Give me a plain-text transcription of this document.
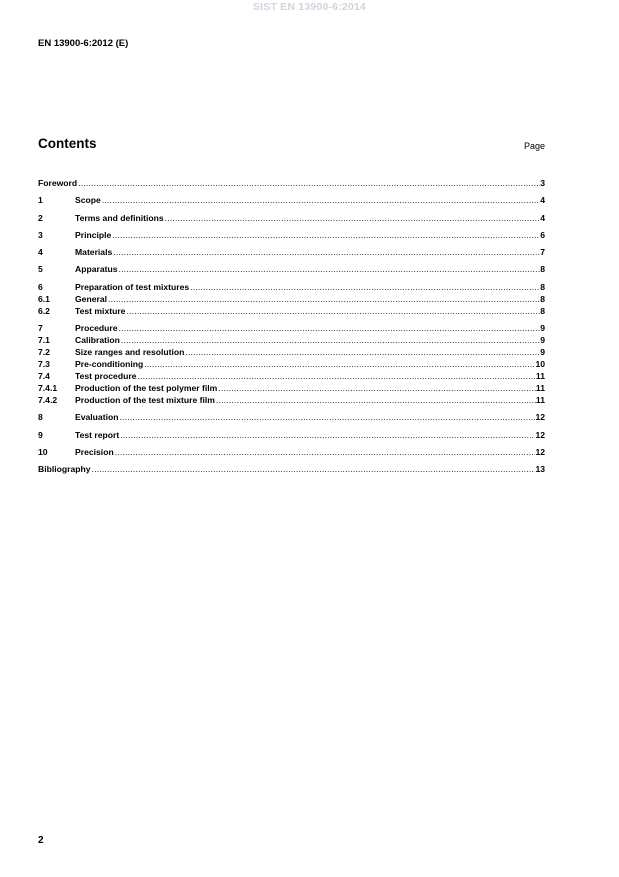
SIST EN 13900-6:2014
EN 13900-6:2012 (E)
Contents	Page
Foreword .....	3
1	Scope .....	4
2	Terms and definitions .....	4
3	Principle .....	6
4	Materials .....	7
5	Apparatus .....	8
6	Preparation of test mixtures .....	8
6.1	General .....	8
6.2	Test mixture .....	8
7	Procedure .....	9
7.1	Calibration .....	9
7.2	Size ranges and resolution .....	9
7.3	Pre-conditioning .....	10
7.4	Test procedure .....	11
7.4.1	Production of the test polymer film .....	11
7.4.2	Production of the test mixture film .....	11
8	Evaluation .....	12
9	Test report .....	12
10	Precision .....	12
Bibliography .....	13
2
